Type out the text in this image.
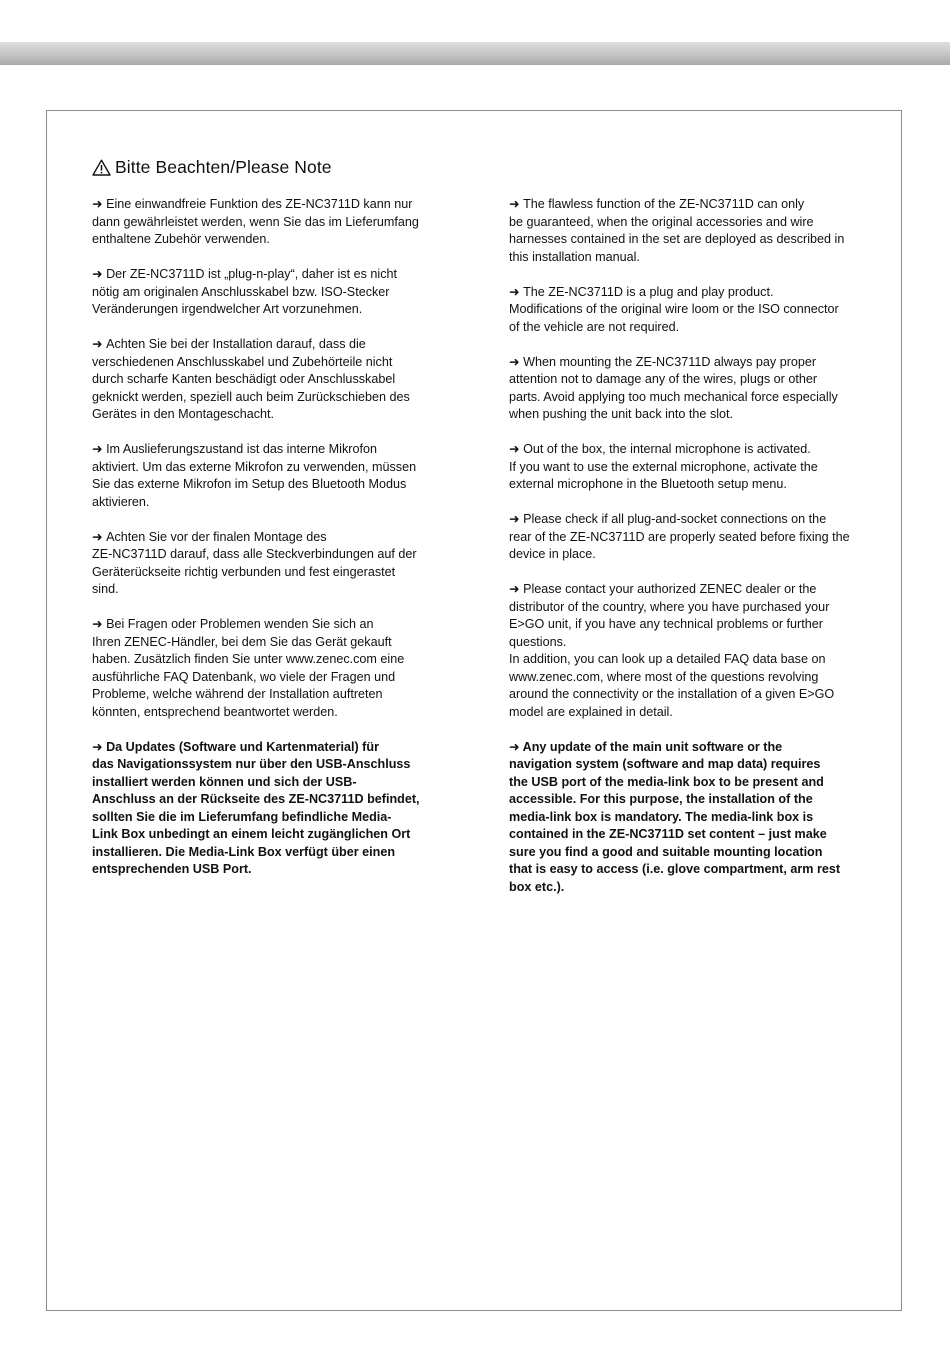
Bitte Beachten/Please Note

➜ Eine einwandfreie Funktion des ZE-NC3711D kann nur
dann gewährleistet werden, wenn Sie das im Lieferumfang
enthaltene Zubehör verwenden.

➜ Der ZE-NC3711D ist „plug-n-play“, daher ist es nicht
nötig am originalen Anschlusskabel bzw. ISO-Stecker
Veränderungen irgendwelcher Art vorzunehmen.

➜ Achten Sie bei der Installation darauf, dass die
verschiedenen Anschlusskabel und Zubehörteile nicht
durch scharfe Kanten beschädigt oder Anschlusskabel
geknickt werden, speziell auch beim Zurückschieben des
Gerätes in den Montageschacht.

➜ Im Auslieferungszustand ist das interne Mikrofon
aktiviert. Um das externe Mikrofon zu verwenden, müssen
Sie das externe Mikrofon im Setup des Bluetooth Modus
aktivieren.

➜ Achten Sie vor der finalen Montage des
ZE-NC3711D darauf, dass alle Steckverbindungen auf der
Geräterückseite richtig verbunden und fest eingerastet
sind.

➜ Bei Fragen oder Problemen wenden Sie sich an
Ihren ZENEC-Händler, bei dem Sie das Gerät gekauft
haben. Zusätzlich finden Sie unter www.zenec.com eine
ausführliche FAQ Datenbank, wo viele der Fragen und
Probleme, welche während der Installation auftreten
könnten, entsprechend beantwortet werden.

➜ Da Updates (Software und Kartenmaterial) für
das Navigationssystem nur über den USB-Anschluss
installiert werden können und sich der USB-
Anschluss an der Rückseite des ZE-NC3711D befindet,
sollten Sie die im Lieferumfang befindliche Media-
Link Box unbedingt an einem leicht zugänglichen Ort
installieren. Die Media-Link Box verfügt über einen
entsprechenden USB Port.

➜ The flawless function of the ZE-NC3711D can only
be guaranteed, when the original accessories and wire
harnesses contained in the set are deployed as described in
this installation manual.

➜ The ZE-NC3711D is a plug and play product.
Modifications of the original wire loom or the ISO connector
of the vehicle are not required.

➜ When mounting the ZE-NC3711D always pay proper
attention not to damage any of the wires, plugs or other
parts. Avoid applying too much mechanical force especially
when pushing the unit back into the slot.

➜ Out of the box, the internal microphone is activated.
If you want to use the external microphone, activate the
external microphone in the Bluetooth setup menu.

➜ Please check if all plug-and-socket connections on the
rear of the ZE-NC3711D are properly seated before fixing the
device in place.

➜ Please contact your authorized ZENEC dealer or the
distributor of the country, where you have purchased your
E>GO unit, if you have any technical problems or further
questions.
In addition, you can look up a detailed FAQ data base on
www.zenec.com, where most of the questions revolving
around the connectivity or the installation of a given E>GO
model are explained in detail.

➜ Any update of the main unit software or the
navigation system (software and map data) requires
the USB port of the media-link box to be present and
accessible. For this purpose, the installation of the
media-link box is mandatory. The media-link box is
contained in the ZE-NC3711D set content – just make
sure you find a good and suitable mounting location
that is easy to access (i.e. glove compartment, arm rest
box etc.).
